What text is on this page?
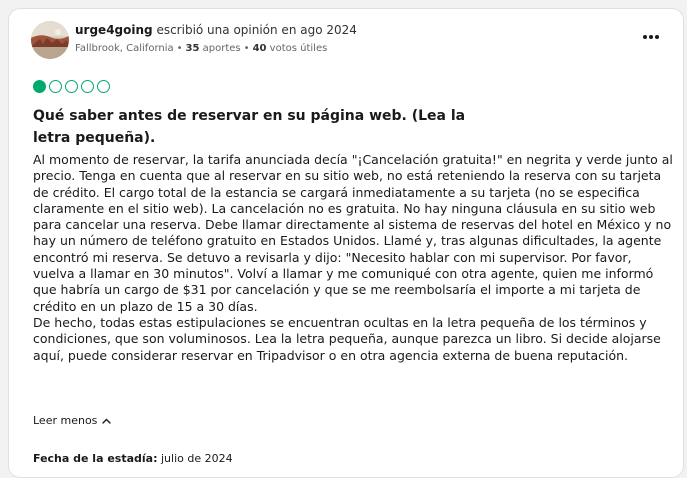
urge4going escribió una opinión en ago 2024
Fallbrook, California • 35 aportes • 40 votos útiles
Qué saber antes de reservar en su página web. (Lea la letra pequeña).

Al momento de reservar, la tarifa anunciada decía "¡Cancelación gratuita!" en negrita y verde junto al precio. Tenga en cuenta que al reservar en su sitio web, no está reteniendo la reserva con su tarjeta de crédito. El cargo total de la estancia se cargará inmediatamente a su tarjeta (no se especifica claramente en el sitio web). La cancelación no es gratuita. No hay ninguna cláusula en su sitio web para cancelar una reserva. Debe llamar directamente al sistema de reservas del hotel en México y no hay un número de teléfono gratuito en Estados Unidos. Llamé y, tras algunas dificultades, la agente encontró mi reserva. Se detuvo a revisarla y dijo: "Necesito hablar con mi supervisor. Por favor, vuelva a llamar en 30 minutos". Volví a llamar y me comuniqué con otra agente, quien me informó que habría un cargo de $31 por cancelación y que se me reembolsaría el importe a mi tarjeta de crédito en un plazo de 15 a 30 días.

De hecho, todas estas estipulaciones se encuentran ocultas en la letra pequeña de los términos y condiciones, que son voluminosos. Lea la letra pequeña, aunque parezca un libro. Si decide alojarse aquí, puede considerar reservar en Tripadvisor o en otra agencia externa de buena reputación.

Leer menos
Fecha de la estadía: julio de 2024
